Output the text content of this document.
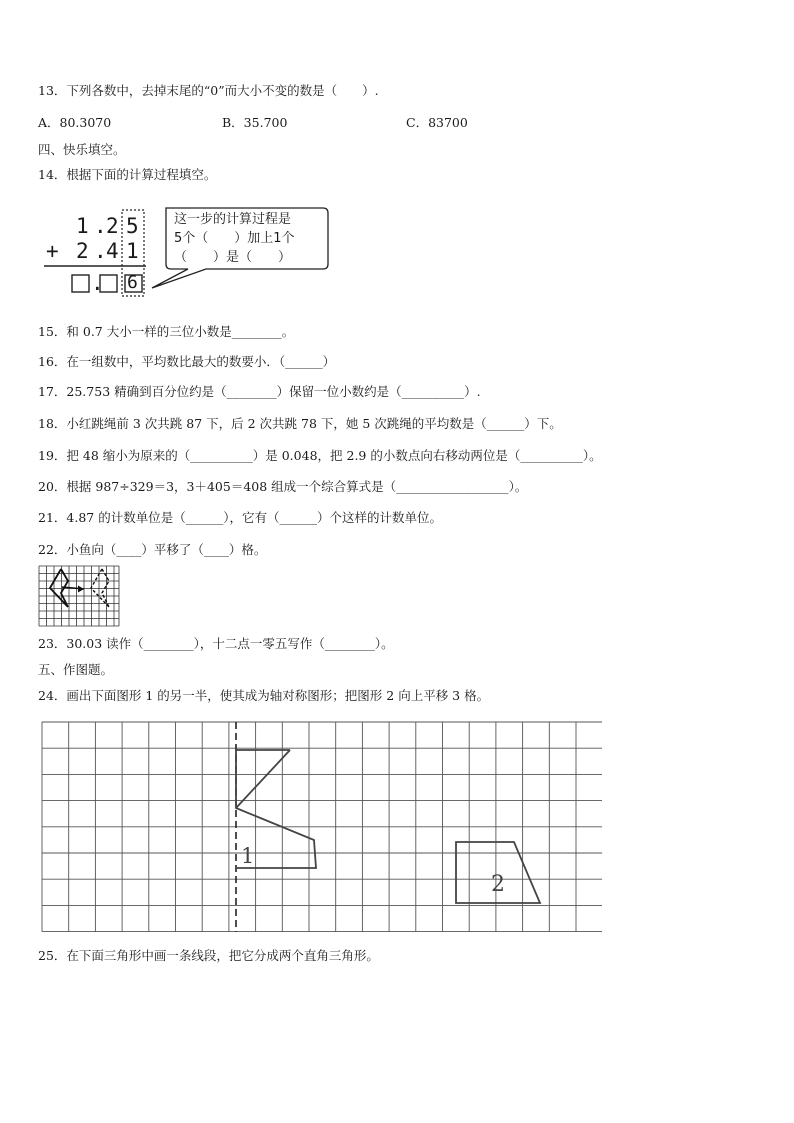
13．下列各数中，去掉末尾的“0”而大小不变的数是（　　）.
A．80.3070	B．35.700	C．83700
四、快乐填空。
14．根据下面的计算过程填空。
1 . 2 5
+ 2 . 4 1
. 6
这一步的计算过程是
5个（　　）加上1个
（　　）是（　　）
15．和 0.7 大小一样的三位小数是________。
16．在一组数中，平均数比最大的数要小．（______）
17．25.753 精确到百分位约是（________）保留一位小数约是（__________）.
18．小红跳绳前 3 次共跳 87 下，后 2 次共跳 78 下，她 5 次跳绳的平均数是（______）下。
19．把 48 缩小为原来的（__________）是 0.048，把 2.9 的小数点向右移动两位是（__________）。
20．根据 987÷329＝3，3＋405＝408 组成一个综合算式是（__________________）。
21．4.87 的计数单位是（______），它有（______）个这样的计数单位。
22．小鱼向（____）平移了（____）格。
23．30.03 读作（________），十二点一零五写作（________）。
五、作图题。
24．画出下面图形 1 的另一半，使其成为轴对称图形；把图形 2 向上平移 3 格。
1
2
25．在下面三角形中画一条线段，把它分成两个直角三角形。
